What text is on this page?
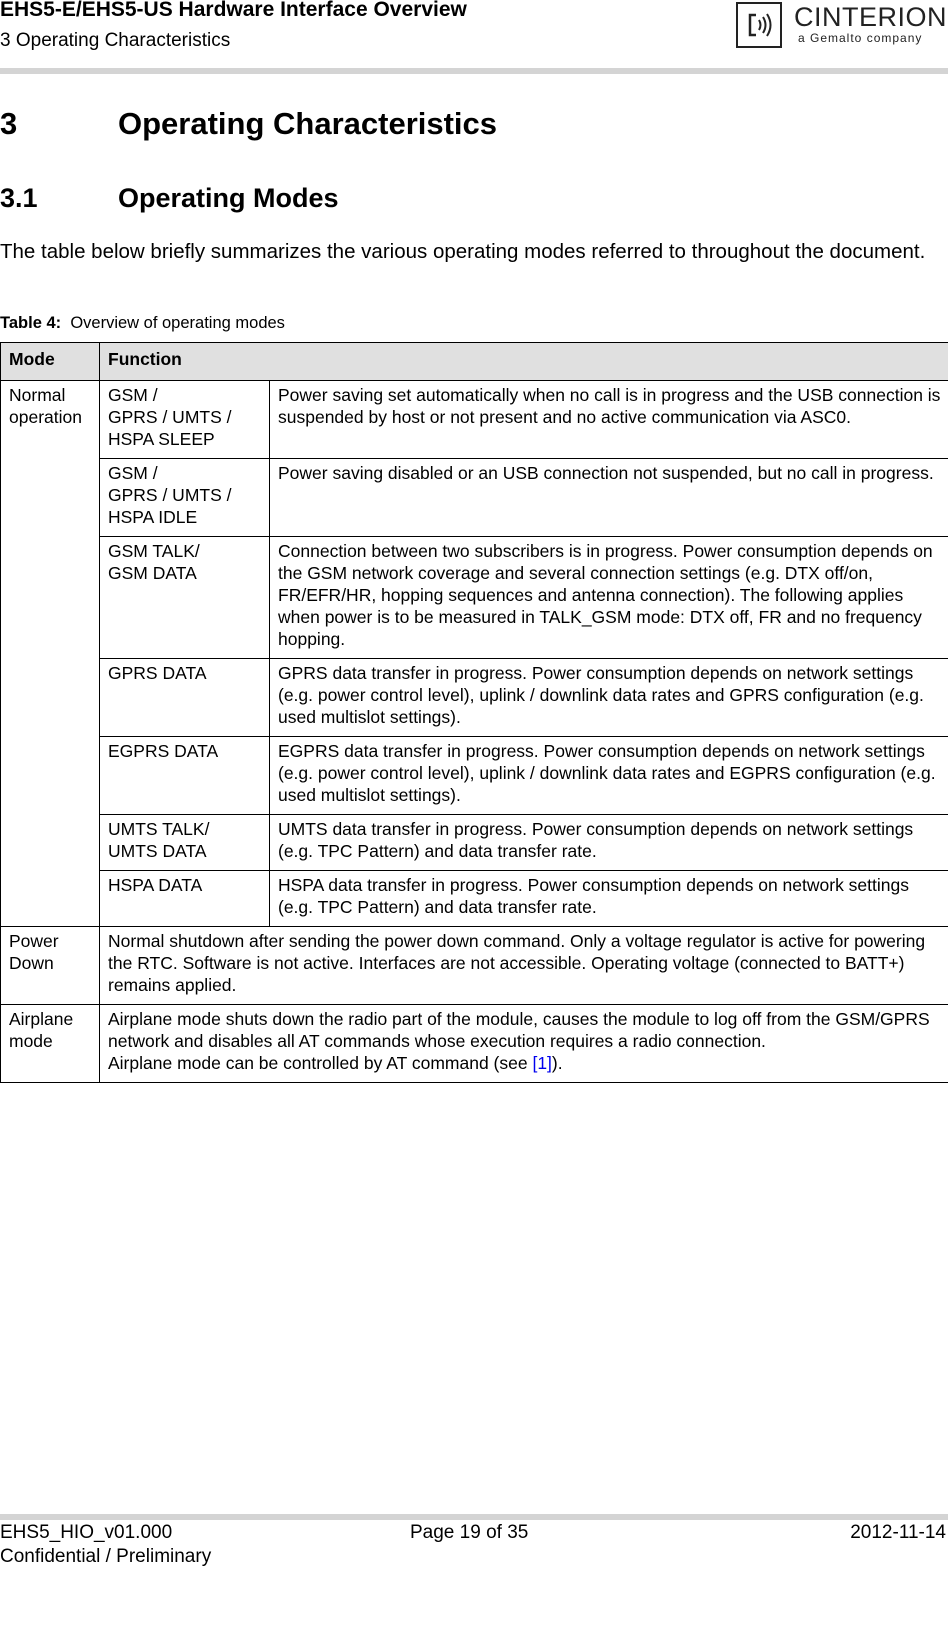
EHS5-E/EHS5-US Hardware Interface Overview
3 Operating Characteristics
CINTERION
a Gemalto company
3	Operating Characteristics
3.1	Operating Modes
The table below briefly summarizes the various operating modes referred to throughout the document.
Table 4: Overview of operating modes
Mode	Function	
Normal operation	GSM /
GPRS / UMTS /
HSPA SLEEP	Power saving set automatically when no call is in progress and the USB connection is suspended by host or not present and no active communication via ASC0.
	GSM /
GPRS / UMTS /
HSPA IDLE	Power saving disabled or an USB connection not suspended, but no call in progress.
	GSM TALK/
GSM DATA	Connection between two subscribers is in progress. Power consumption depends on the GSM network coverage and several connection settings (e.g. DTX off/on, FR/EFR/HR, hopping sequences and antenna connection). The following applies when power is to be measured in TALK_GSM mode: DTX off, FR and no frequency hopping.
	GPRS DATA	GPRS data transfer in progress. Power consumption depends on network settings (e.g. power control level), uplink / downlink data rates and GPRS configuration (e.g. used multislot settings).
	EGPRS DATA	EGPRS data transfer in progress. Power consumption depends on network settings (e.g. power control level), uplink / downlink data rates and EGPRS configuration (e.g. used multislot settings).
	UMTS TALK/
UMTS DATA	UMTS data transfer in progress. Power consumption depends on network settings (e.g. TPC Pattern) and data transfer rate.
	HSPA DATA	HSPA data transfer in progress. Power consumption depends on network settings (e.g. TPC Pattern) and data transfer rate.
Power Down	Normal shutdown after sending the power down command. Only a voltage regulator is active for powering the RTC. Software is not active. Interfaces are not accessible. Operating voltage (connected to BATT+) remains applied.	
Airplane mode	Airplane mode shuts down the radio part of the module, causes the module to log off from the GSM/GPRS network and disables all AT commands whose execution requires a radio connection.
Airplane mode can be controlled by AT command (see [1]).	
EHS5_HIO_v01.000
Confidential / Preliminary
Page 19 of 35	2012-11-14
